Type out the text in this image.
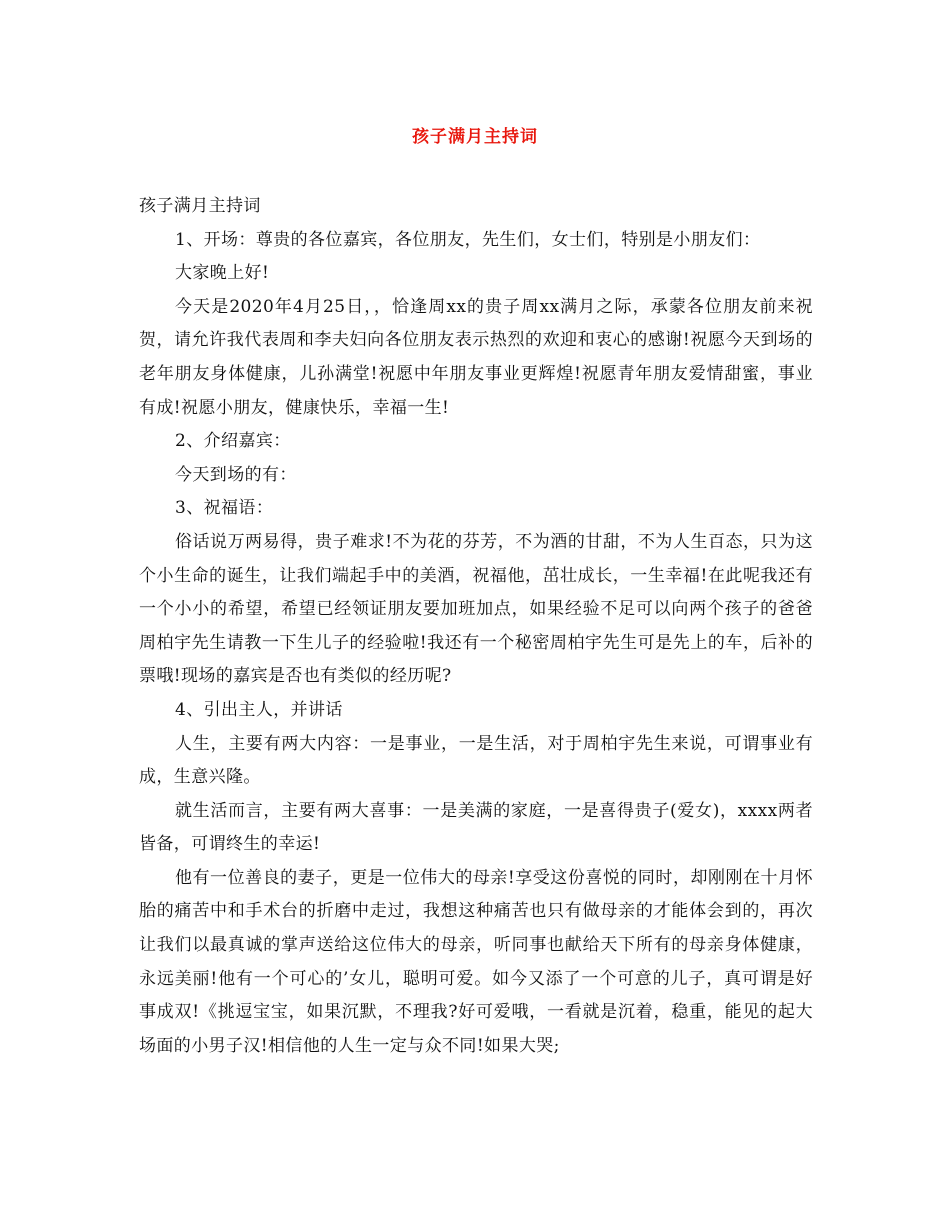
孩子满月主持词

孩子满月主持词

1、开场：尊贵的各位嘉宾，各位朋友，先生们，女士们，特别是小朋友们：

大家晚上好!

今天是2020年4月25日，，恰逢周xx的贵子周xx满月之际，承蒙各位朋友前来祝贺，请允许我代表周和李夫妇向各位朋友表示热烈的欢迎和衷心的感谢!祝愿今天到场的老年朋友身体健康，儿孙满堂!祝愿中年朋友事业更辉煌!祝愿青年朋友爱情甜蜜，事业有成!祝愿小朋友，健康快乐，幸福一生!

2、介绍嘉宾：

今天到场的有：

3、祝福语：

俗话说万两易得，贵子难求!不为花的芬芳，不为酒的甘甜，不为人生百态，只为这个小生命的诞生，让我们端起手中的美酒，祝福他，茁壮成长，一生幸福!在此呢我还有一个小小的希望，希望已经领证朋友要加班加点，如果经验不足可以向两个孩子的爸爸周柏宇先生请教一下生儿子的经验啦!我还有一个秘密周柏宇先生可是先上的车，后补的票哦!现场的嘉宾是否也有类似的经历呢?

4、引出主人，并讲话

人生，主要有两大内容：一是事业，一是生活，对于周柏宇先生来说，可谓事业有成，生意兴隆。

就生活而言，主要有两大喜事：一是美满的家庭，一是喜得贵子(爱女)，xxxx两者皆备，可谓终生的幸运!

他有一位善良的妻子，更是一位伟大的母亲!享受这份喜悦的同时，却刚刚在十月怀胎的痛苦中和手术台的折磨中走过，我想这种痛苦也只有做母亲的才能体会到的，再次让我们以最真诚的掌声送给这位伟大的母亲，听同事也献给天下所有的母亲身体健康，永远美丽!他有一个可心的’女儿，聪明可爱。如今又添了一个可意的儿子，真可谓是好事成双!《挑逗宝宝，如果沉默，不理我?好可爱哦，一看就是沉着，稳重，能见的起大场面的小男子汉!相信他的人生一定与众不同!如果大哭;
